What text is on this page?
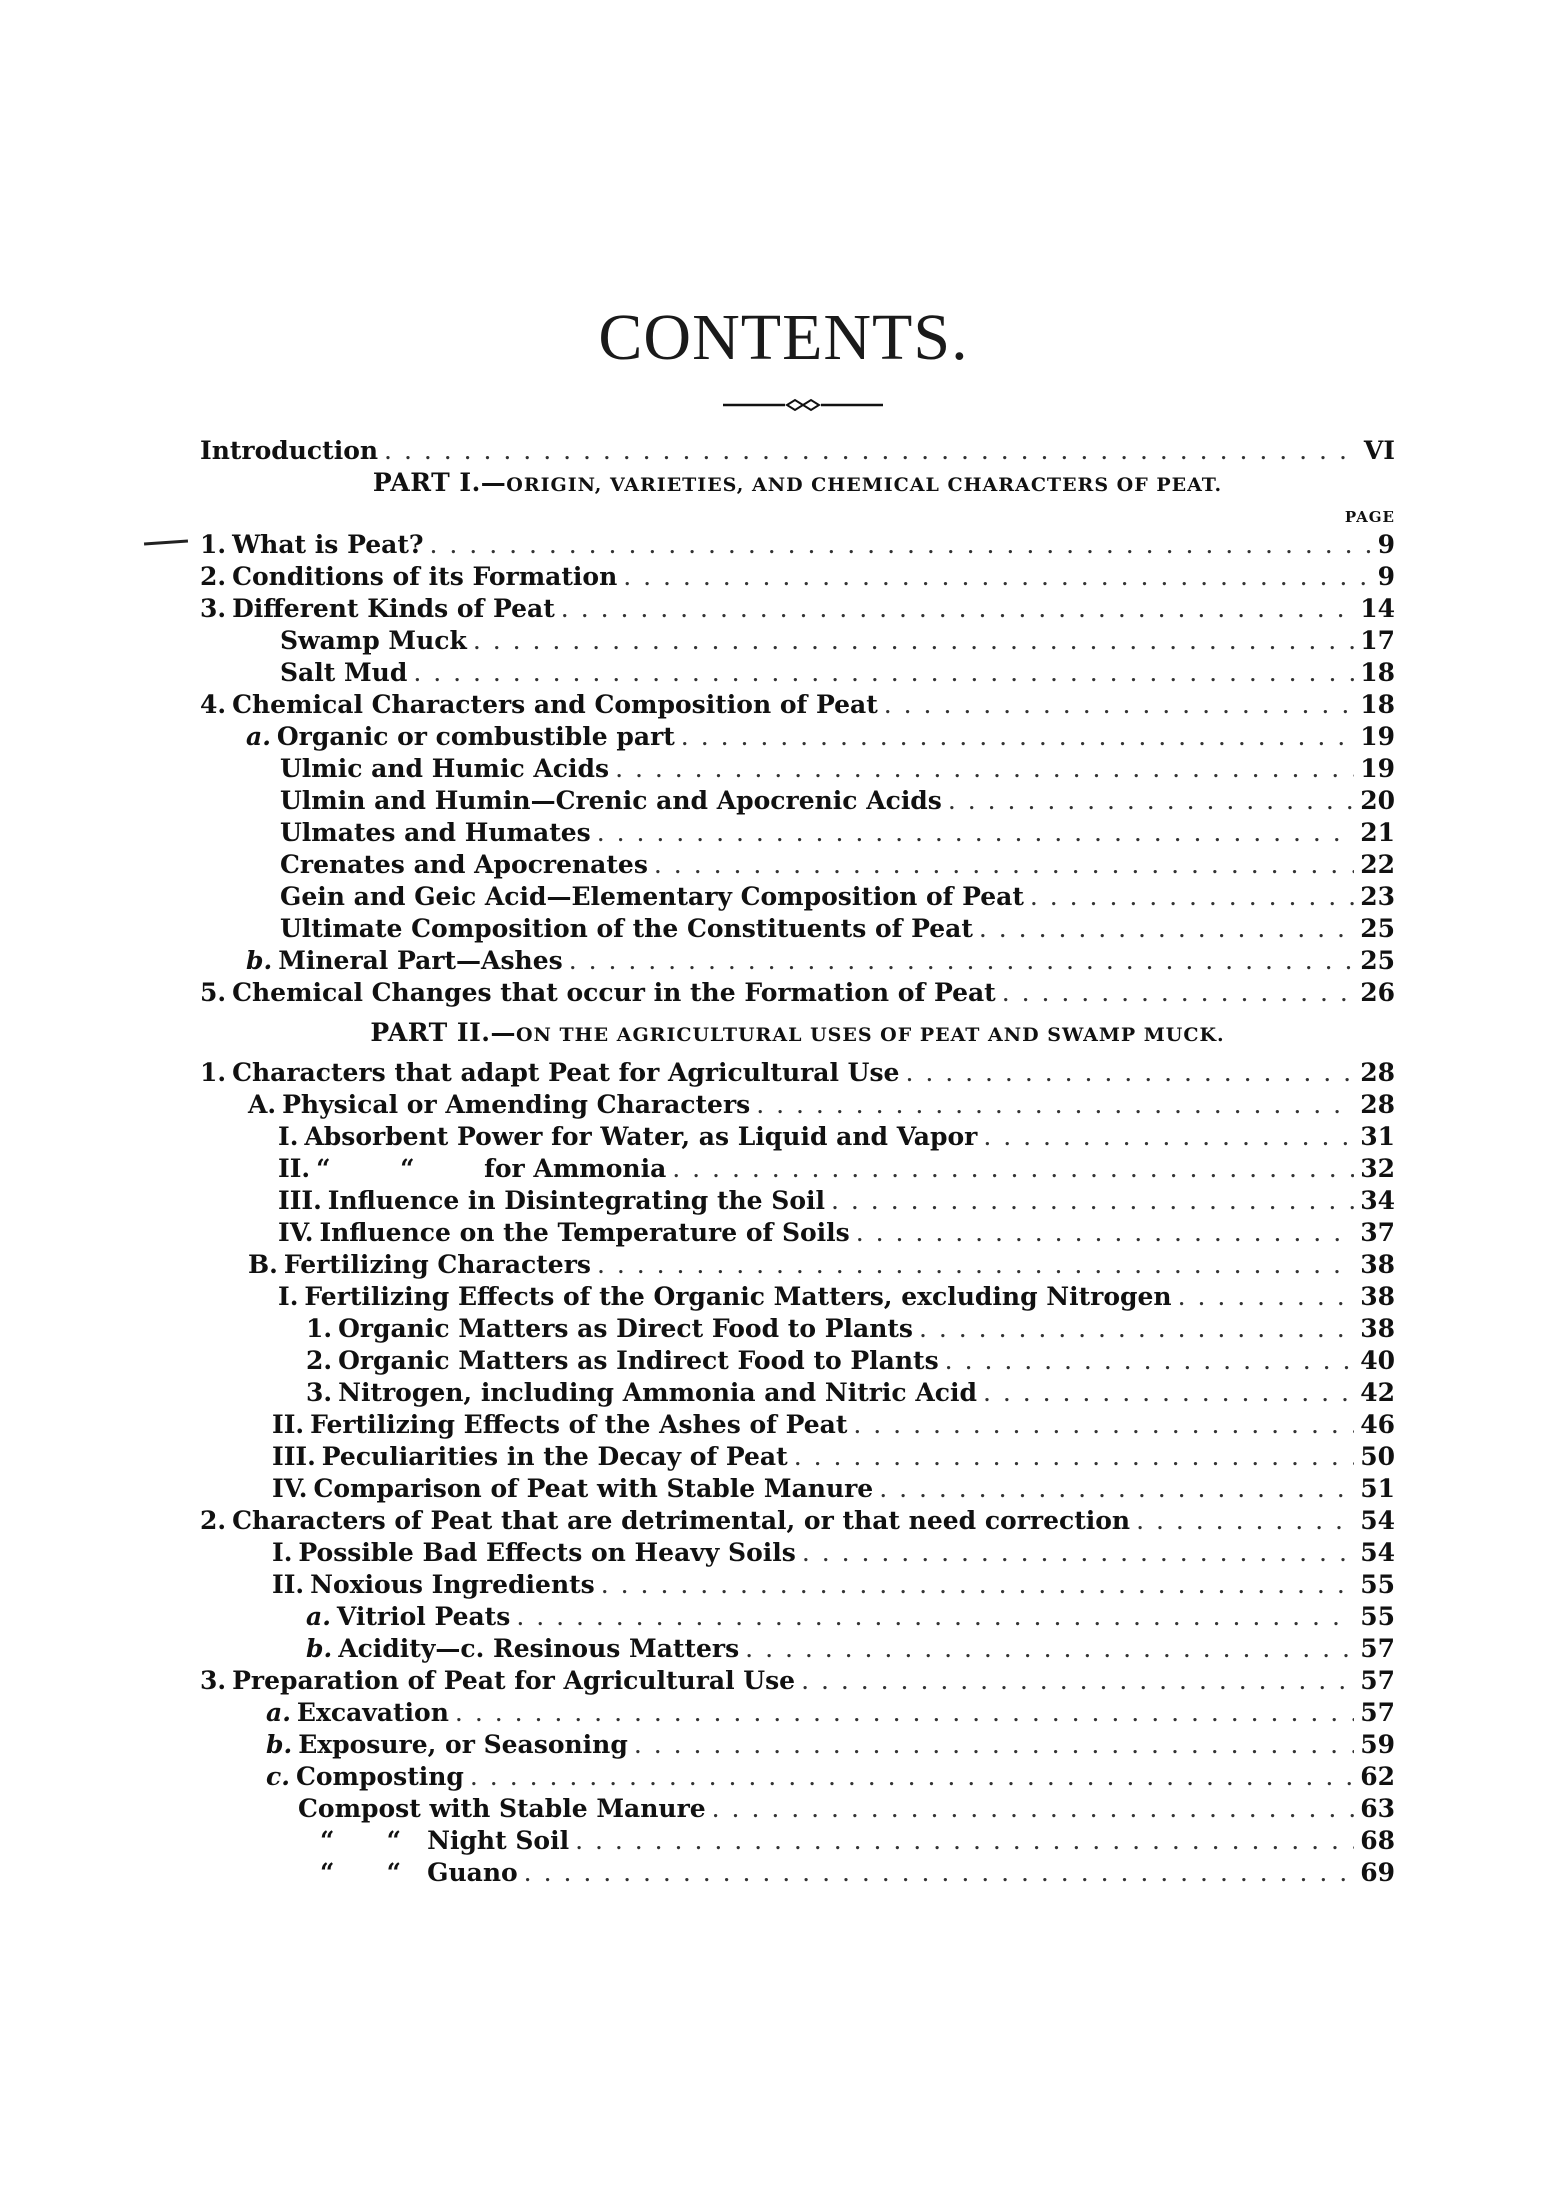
CONTENTS.
Introduction . . .	VI
PART I.—ORIGIN, VARIETIES, AND CHEMICAL CHARACTERS OF PEAT.
PAGE
1. What is Peat? . . .	9
2. Conditions of its Formation . . .	9
3. Different Kinds of Peat . . .	14
Swamp Muck . . .	17
Salt Mud . . .	18
4. Chemical Characters and Composition of Peat . . .	18
a. Organic or combustible part . . .	19
Ulmic and Humic Acids . . .	19
Ulmin and Humin—Crenic and Apocrenic Acids . . .	20
Ulmates and Humates . . .	21
Crenates and Apocrenates . . .	22
Gein and Geic Acid—Elementary Composition of Peat . . .	23
Ultimate Composition of the Constituents of Peat . . .	25
b. Mineral Part—Ashes . . .	25
5. Chemical Changes that occur in the Formation of Peat . . .	26
PART II.—ON THE AGRICULTURAL USES OF PEAT AND SWAMP MUCK.
1. Characters that adapt Peat for Agricultural Use . . .	28
A. Physical or Amending Characters . . .	28
I. Absorbent Power for Water, as Liquid and Vapor . . .	31
II. “        “        for Ammonia . . .	32
III. Influence in Disintegrating the Soil . . .	34
IV. Influence on the Temperature of Soils . . .	37
B. Fertilizing Characters . . .	38
I. Fertilizing Effects of the Organic Matters, excluding Nitrogen . . .	38
1. Organic Matters as Direct Food to Plants . . .	38
2. Organic Matters as Indirect Food to Plants . . .	40
3. Nitrogen, including Ammonia and Nitric Acid . . .	42
II. Fertilizing Effects of the Ashes of Peat . . .	46
III. Peculiarities in the Decay of Peat . . .	50
IV. Comparison of Peat with Stable Manure . . .	51
2. Characters of Peat that are detrimental, or that need correction . . .	54
I. Possible Bad Effects on Heavy Soils . . .	54
II. Noxious Ingredients . . .	55
a. Vitriol Peats . . .	55
b. Acidity—c. Resinous Matters . . .	57
3. Preparation of Peat for Agricultural Use . . .	57
a. Excavation . . .	57
b. Exposure, or Seasoning . . .	59
c. Composting . . .	62
Compost with Stable Manure . . .	63
“      “   Night Soil . . .	68
“      “   Guano . . .	69
